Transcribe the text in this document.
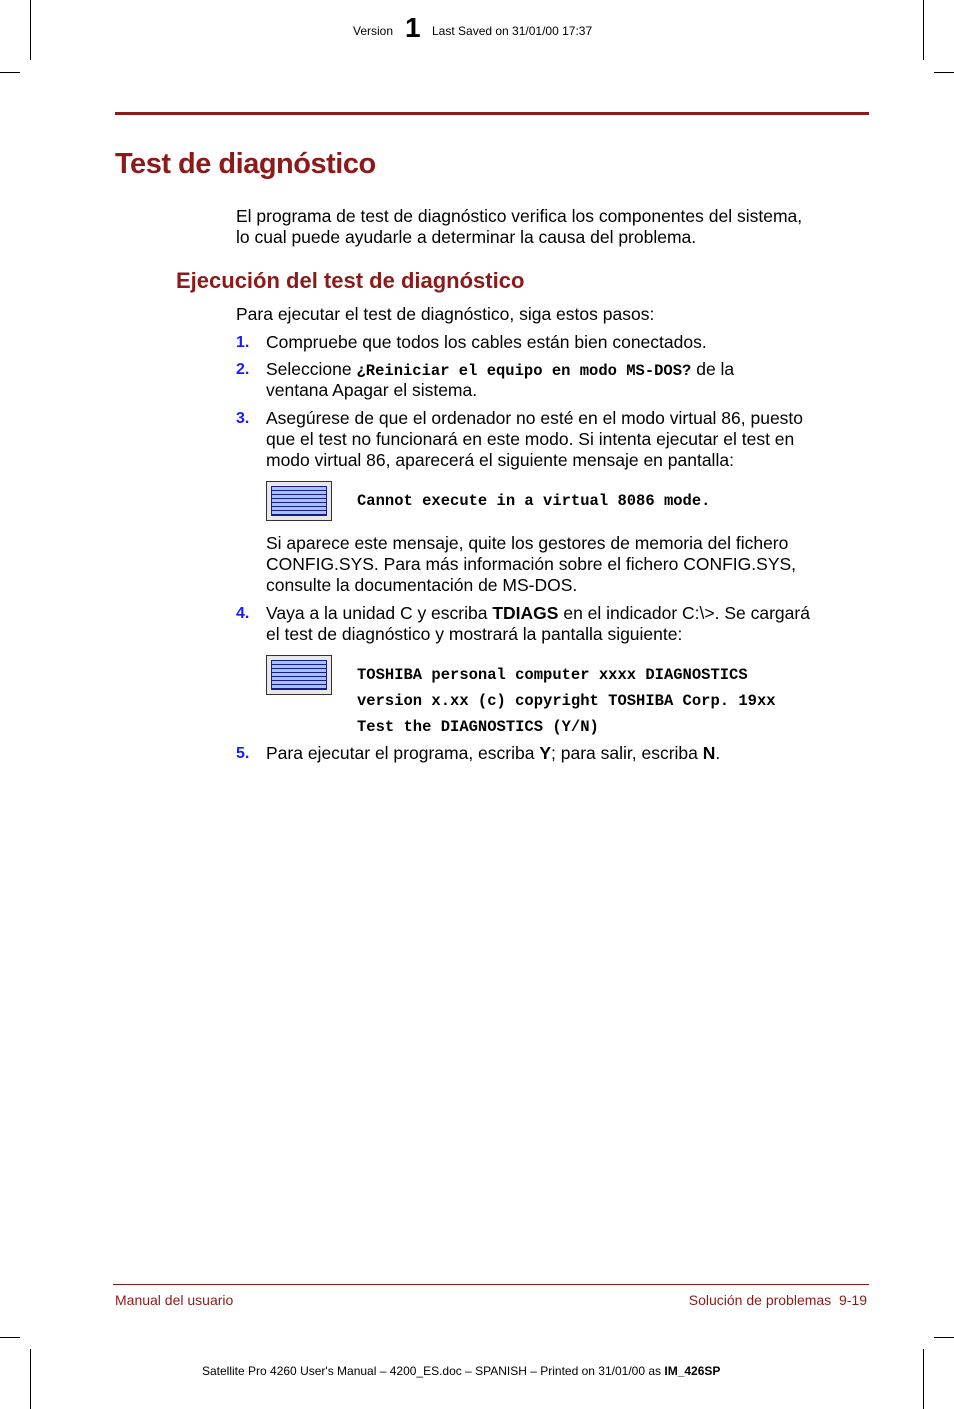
Version 1 Last Saved on 31/01/00 17:37
Test de diagnóstico
El programa de test de diagnóstico verifica los componentes del sistema,
lo cual puede ayudarle a determinar la causa del problema.
Ejecución del test de diagnóstico
Para ejecutar el test de diagnóstico, siga estos pasos:
1. Compruebe que todos los cables están bien conectados.
2. Seleccione ¿Reiniciar el equipo en modo MS-DOS? de la
ventana Apagar el sistema.
3. Asegúrese de que el ordenador no esté en el modo virtual 86, puesto
que el test no funcionará en este modo. Si intenta ejecutar el test en
modo virtual 86, aparecerá el siguiente mensaje en pantalla:
Cannot execute in a virtual 8086 mode.
Si aparece este mensaje, quite los gestores de memoria del fichero
CONFIG.SYS. Para más información sobre el fichero CONFIG.SYS,
consulte la documentación de MS-DOS.
4. Vaya a la unidad C y escriba TDIAGS en el indicador C:\>. Se cargará
el test de diagnóstico y mostrará la pantalla siguiente:
TOSHIBA personal computer xxxx DIAGNOSTICS
version x.xx (c) copyright TOSHIBA Corp. 19xx
Test the DIAGNOSTICS (Y/N)
5. Para ejecutar el programa, escriba Y; para salir, escriba N.
Manual del usuario	Solución de problemas  9-19
Satellite Pro 4260 User's Manual – 4200_ES.doc – SPANISH – Printed on 31/01/00 as IM_426SP
